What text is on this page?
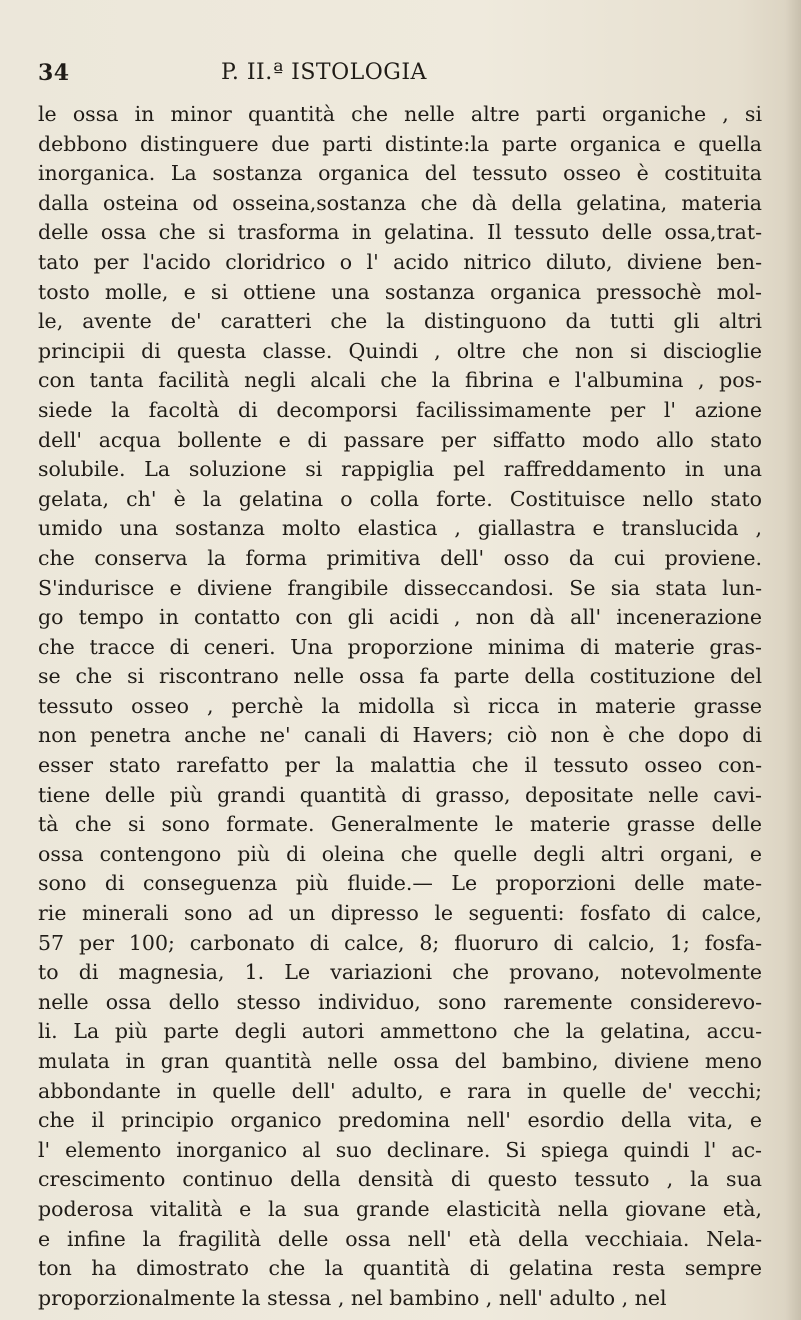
34	P. II.ª ISTOLOGIA
le ossa in minor quantità che nelle altre parti organiche , si
debbono distinguere due parti distinte:la parte organica e quella
inorganica. La sostanza organica del tessuto osseo è costituita
dalla osteina od osseina,sostanza che dà della gelatina, materia
delle ossa che si trasforma in gelatina. Il tessuto delle ossa,trat-
tato per l'acido cloridrico o l' acido nitrico diluto, diviene ben-
tosto molle, e si ottiene una sostanza organica pressochè mol-
le, avente de' caratteri che la distinguono da tutti gli altri
principii di questa classe. Quindi , oltre che non si discioglie
con tanta facilità negli alcali che la fibrina e l'albumina , pos-
siede la facoltà di decomporsi facilissimamente per l' azione
dell' acqua bollente e di passare per siffatto modo allo stato
solubile. La soluzione si rappiglia pel raffreddamento in una
gelata, ch' è la gelatina o colla forte. Costituisce nello stato
umido una sostanza molto elastica , giallastra e translucida ,
che conserva la forma primitiva dell' osso da cui proviene.
S'indurisce e diviene frangibile disseccandosi. Se sia stata lun-
go tempo in contatto con gli acidi , non dà all' incenerazione
che tracce di ceneri. Una proporzione minima di materie gras-
se che si riscontrano nelle ossa fa parte della costituzione del
tessuto osseo , perchè la midolla sì ricca in materie grasse
non penetra anche ne' canali di Havers; ciò non è che dopo di
esser stato rarefatto per la malattia che il tessuto osseo con-
tiene delle più grandi quantità di grasso, depositate nelle cavi-
tà che si sono formate. Generalmente le materie grasse delle
ossa contengono più di oleina che quelle degli altri organi, e
sono di conseguenza più fluide.— Le proporzioni delle mate-
rie minerali sono ad un dipresso le seguenti: fosfato di calce,
57 per 100; carbonato di calce, 8; fluoruro di calcio, 1; fosfa-
to di magnesia, 1. Le variazioni che provano, notevolmente
nelle ossa dello stesso individuo, sono raremente considerevo-
li. La più parte degli autori ammettono che la gelatina, accu-
mulata in gran quantità nelle ossa del bambino, diviene meno
abbondante in quelle dell' adulto, e rara in quelle de' vecchi;
che il principio organico predomina nell' esordio della vita, e
l' elemento inorganico al suo declinare. Si spiega quindi l' ac-
crescimento continuo della densità di questo tessuto , la sua
poderosa vitalità e la sua grande elasticità nella giovane età,
e infine la fragilità delle ossa nell' età della vecchiaia. Nela-
ton ha dimostrato che la quantità di gelatina resta sempre
proporzionalmente la stessa , nel bambino , nell' adulto , nel
